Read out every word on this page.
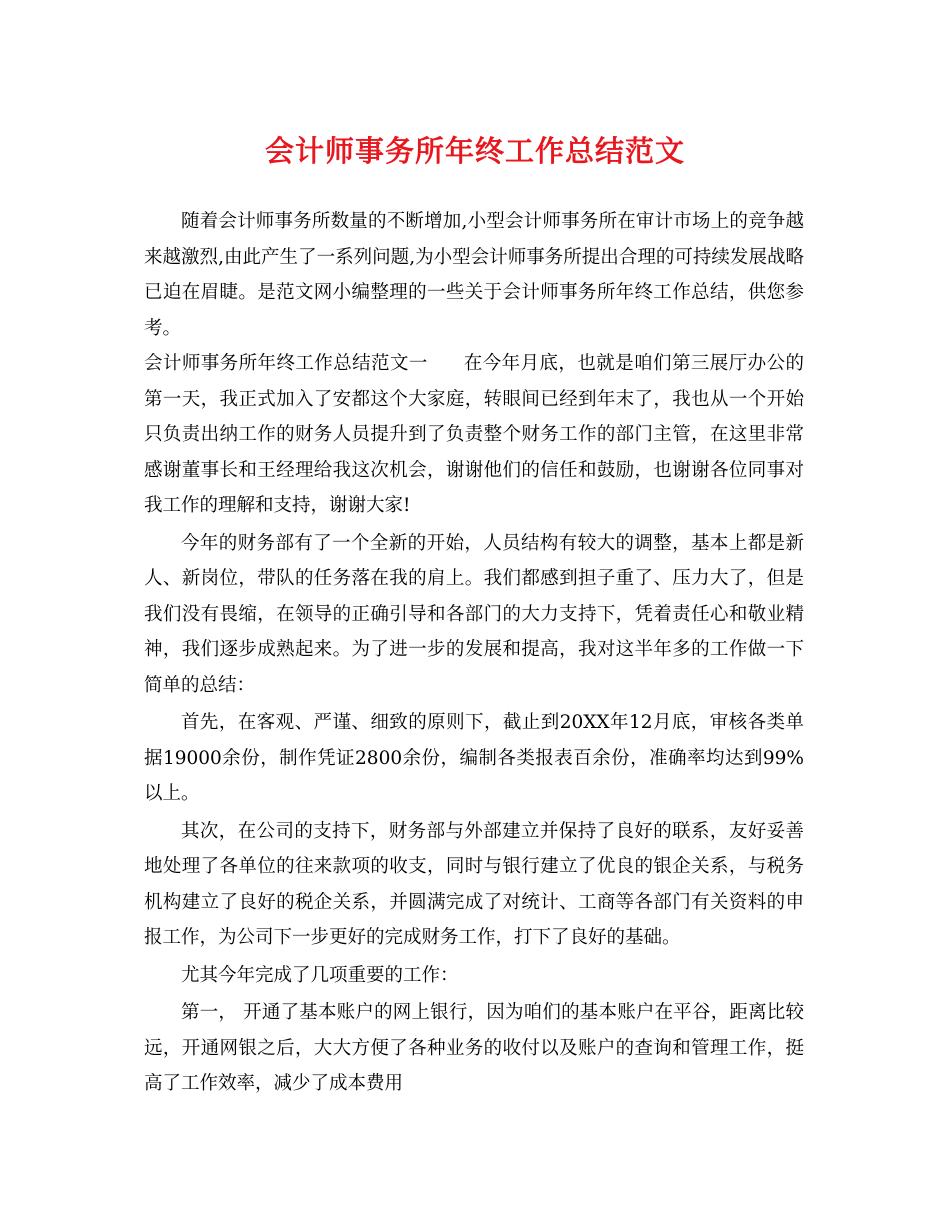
会计师事务所年终工作总结范文

随着会计师事务所数量的不断增加,小型会计师事务所在审计市场上的竞争越来越激烈,由此产生了一系列问题,为小型会计师事务所提出合理的可持续发展战略已迫在眉睫。是范文网小编整理的一些关于会计师事务所年终工作总结，供您参考。

会计师事务所年终工作总结范文一 在今年月底，也就是咱们第三展厅办公的第一天，我正式加入了安都这个大家庭，转眼间已经到年末了，我也从一个开始只负责出纳工作的财务人员提升到了负责整个财务工作的部门主管，在这里非常感谢董事长和王经理给我这次机会，谢谢他们的信任和鼓励，也谢谢各位同事对我工作的理解和支持，谢谢大家!

今年的财务部有了一个全新的开始，人员结构有较大的调整，基本上都是新人、新岗位，带队的任务落在我的肩上。我们都感到担子重了、压力大了，但是我们没有畏缩，在领导的正确引导和各部门的大力支持下，凭着责任心和敬业精神，我们逐步成熟起来。为了进一步的发展和提高，我对这半年多的工作做一下简单的总结：

首先，在客观、严谨、细致的原则下，截止到20XX年12月底，审核各类单据19000余份，制作凭证2800余份，编制各类报表百余份，准确率均达到99%以上。

其次，在公司的支持下，财务部与外部建立并保持了良好的联系，友好妥善地处理了各单位的往来款项的收支，同时与银行建立了优良的银企关系，与税务机构建立了良好的税企关系，并圆满完成了对统计、工商等各部门有关资料的申报工作，为公司下一步更好的完成财务工作，打下了良好的基础。

尤其今年完成了几项重要的工作：

第一， 开通了基本账户的网上银行，因为咱们的基本账户在平谷，距离比较远，开通网银之后，大大方便了各种业务的收付以及账户的查询和管理工作，挺高了工作效率，减少了成本费用
